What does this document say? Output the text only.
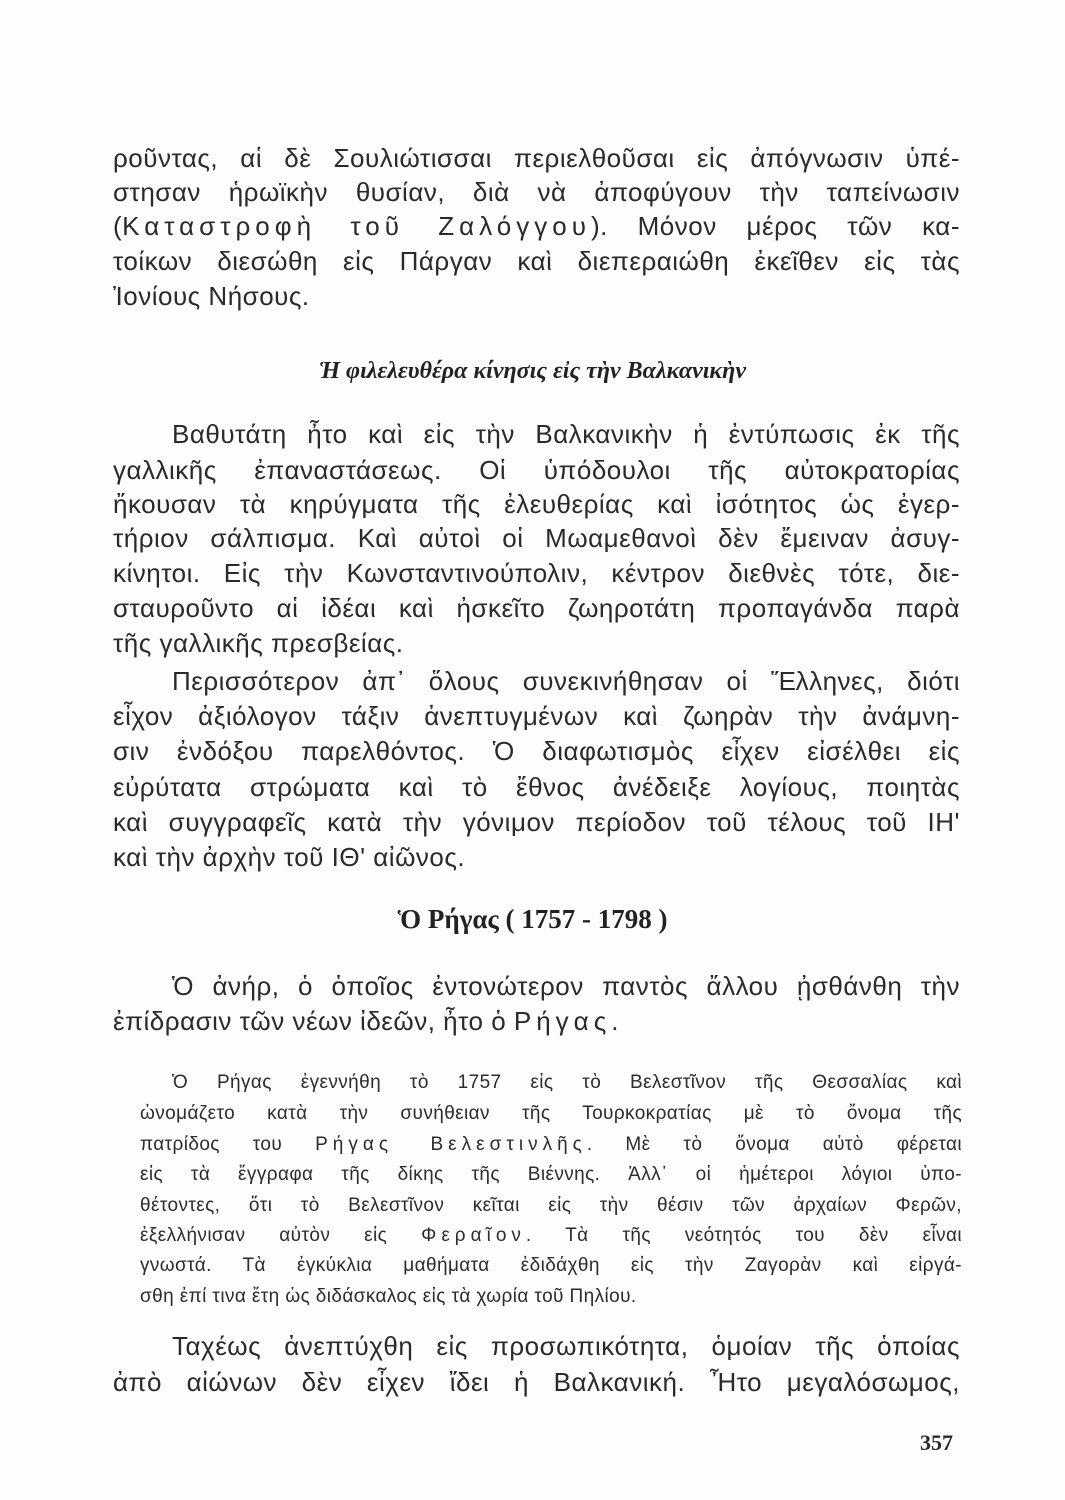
ροῦντας, αἱ δὲ Σουλιώτισσαι περιελθοῦσαι εἰς ἀπόγνωσιν ὑπέ-
στησαν ἡρωϊκὴν θυσίαν, διὰ νὰ ἀποφύγουν τὴν ταπείνωσιν
(Καταστροφὴ τοῦ Ζαλόγγου). Μόνον μέρος τῶν κα-
τοίκων διεσώθη εἰς Πάργαν καὶ διεπεραιώθη ἐκεῖθεν εἰς τὰς
Ἰονίους Νήσους.
Ἡ φιλελευθέρα κίνησις εἰς τὴν Βαλκανικὴν
Βαθυτάτη ἦτο καὶ εἰς τὴν Βαλκανικὴν ἡ ἐντύπωσις ἐκ τῆς
γαλλικῆς ἐπαναστάσεως. Οἱ ὑπόδουλοι τῆς αὐτοκρατορίας
ἤκουσαν τὰ κηρύγματα τῆς ἐλευθερίας καὶ ἰσότητος ὡς ἐγερ-
τήριον σάλπισμα. Καὶ αὐτοὶ οἱ Μωαμεθανοὶ δὲν ἔμειναν ἀσυγ-
κίνητοι. Εἰς τὴν Κωνσταντινούπολιν, κέντρον διεθνὲς τότε, διε-
σταυροῦντο αἱ ἰδέαι καὶ ἠσκεῖτο ζωηροτάτη προπαγάνδα παρὰ
τῆς γαλλικῆς πρεσβείας.
Περισσότερον ἀπ᾽ ὅλους συνεκινήθησαν οἱ Ἕλληνες, διότι
εἶχον ἀξιόλογον τάξιν ἀνεπτυγμένων καὶ ζωηρὰν τὴν ἀνάμνη-
σιν ἐνδόξου παρελθόντος. Ὁ διαφωτισμὸς εἶχεν εἰσέλθει εἰς
εὐρύτατα στρώματα καὶ τὸ ἔθνος ἀνέδειξε λογίους, ποιητὰς
καὶ συγγραφεῖς κατὰ τὴν γόνιμον περίοδον τοῦ τέλους τοῦ ΙΗ'
καὶ τὴν ἀρχὴν τοῦ ΙΘ' αἰῶνος.
Ὁ Ρήγας ( 1757 - 1798 )
Ὁ ἀνήρ, ὁ ὁποῖος ἐντονώτερον παντὸς ἄλλου ᾐσθάνθη τὴν
ἐπίδρασιν τῶν νέων ἰδεῶν, ἦτο ὁ Ρήγας.
Ὁ Ρήγας ἐγεννήθη τὸ 1757 εἰς τὸ Βελεστῖνον τῆς Θεσσαλίας καὶ
ὠνομάζετο κατὰ τὴν συνήθειαν τῆς Τουρκοκρατίας μὲ τὸ ὄνομα τῆς
πατρίδος του Ρήγας Βελεστινλῆς. Μὲ τὸ ὄνομα αὐτὸ φέρεται
εἰς τὰ ἔγγραφα τῆς δίκης τῆς Βιέννης. Ἀλλ᾽ οἱ ἡμέτεροι λόγιοι ὑπο-
θέτοντες, ὅτι τὸ Βελεστῖνον κεῖται εἰς τὴν θέσιν τῶν ἀρχαίων Φερῶν,
ἐξελλήνισαν αὐτὸν εἰς Φεραῖον. Τὰ τῆς νεότητός του δὲν εἶναι
γνωστά. Τὰ ἐγκύκλια μαθήματα ἐδιδάχθη εἰς τὴν Ζαγορὰν καὶ εἰργά-
σθη ἐπί τινα ἔτη ὡς διδάσκαλος εἰς τὰ χωρία τοῦ Πηλίου.
Ταχέως ἀνεπτύχθη εἰς προσωπικότητα, ὁμοίαν τῆς ὁποίας
ἀπὸ αἰώνων δὲν εἶχεν ἴδει ἡ Βαλκανική. Ἦτο μεγαλόσωμος,
357
